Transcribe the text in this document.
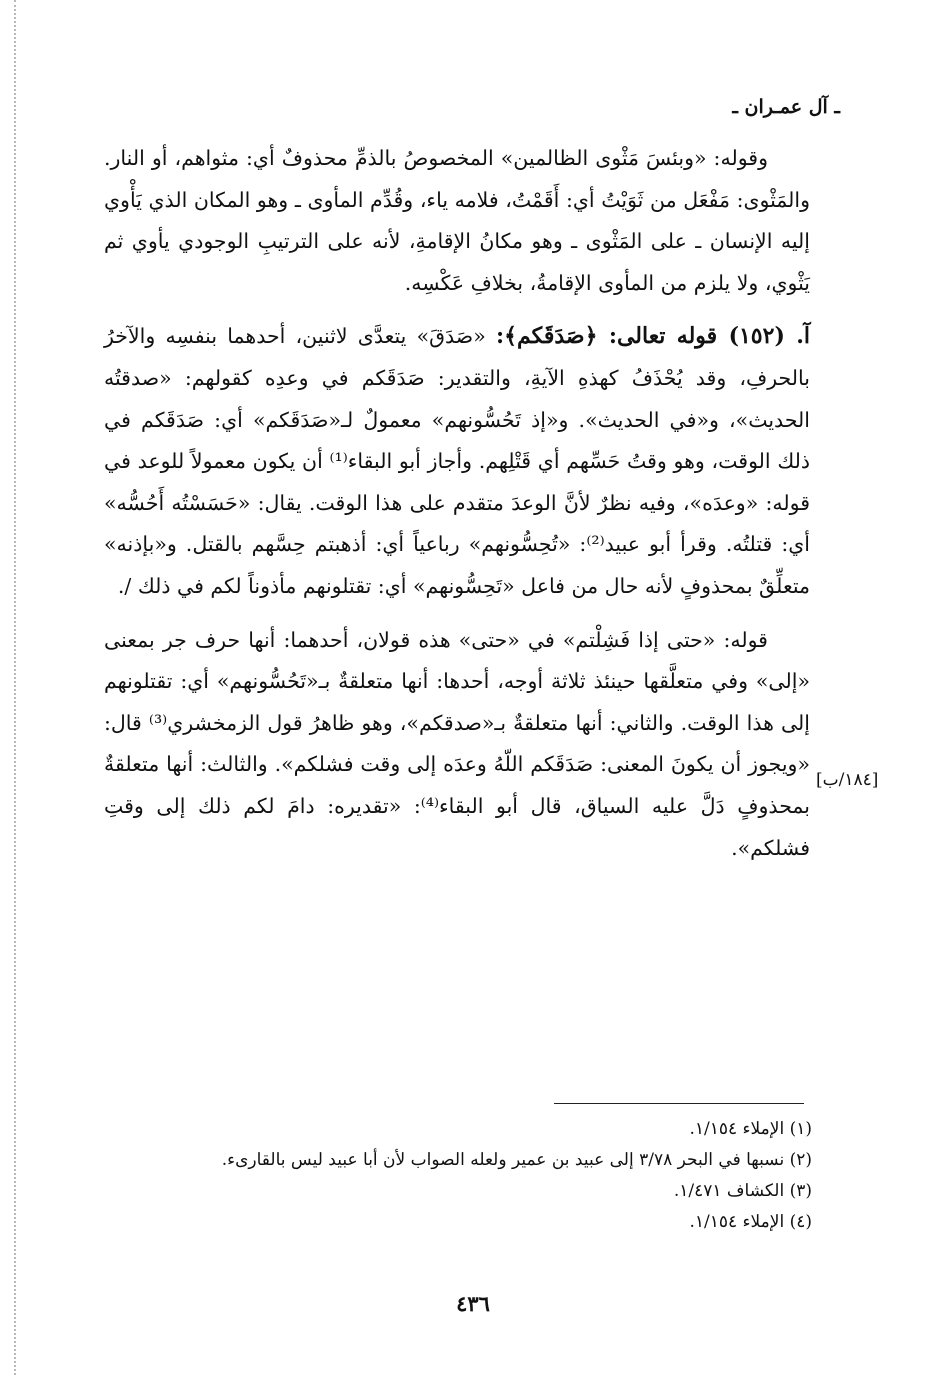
ـ آل عمـران ـ

وقوله: «وبئسَ مَثْوى الظالمين» المخصوصُ بالذمِّ محذوفٌ أي: مثواهم، أو النار. والمَثْوى: مَفْعَل من ثَوَيْتُ أي: أَقَمْتُ، فلامه ياء، وقُدِّم المأوى ـ وهو المكان الذي يَأْوي إليه الإنسان ـ على المَثْوى ـ وهو مكانُ الإقامةِ، لأنه على الترتيبِ الوجودي يأوي ثم يَثْوي، ولا يلزم من المأوى الإقامةُ، بخلافِ عَكْسِه.

آ. (١٥٢) قوله تعالى: ﴿صَدَقَكم﴾: «صَدَقَ» يتعدَّى لاثنين، أحدهما بنفسِه والآخرُ بالحرفِ، وقد يُحْذَفُ كهذهِ الآيةِ، والتقدير: صَدَقَكم في وعدِه كقولهم: «صدقتُه الحديث»، و«في الحديث». و«إذ تَحُسُّونهم» معمولٌ لـ«صَدَقَكم» أي: صَدَقَكم في ذلك الوقت، وهو وقتُ حَسِّهم أي قَتْلِهم. وأجاز أبو البقاء⁽¹⁾ أن يكون معمولاً للوعد في قوله: «وعدَه»، وفيه نظرٌ لأنَّ الوعدَ متقدم على هذا الوقت. يقال: «حَسَسْتُه أَحُسُّه» أي: قتلتُه. وقرأ أبو عبيد⁽²⁾: «تُحِسُّونهم» رباعياً أي: أذهبتم حِسَّهم بالقتل. و«بإذنه» متعلِّقٌ بمحذوفٍ لأنه حال من فاعل «تَحِسُّونهم» أي: تقتلونهم مأذوناً لكم في ذلك /.

قوله: «حتى إذا فَشِلْتم» في «حتى» هذه قولان، أحدهما: أنها حرف جر بمعنى «إلى» وفي متعلَّقها حينئذ ثلاثة أوجه، أحدها: أنها متعلقةٌ بـ«تَحُسُّونهم» أي: تقتلونهم إلى هذا الوقت. والثاني: أنها متعلقةٌ بـ«صدقكم»، وهو ظاهرُ قول الزمخشري⁽³⁾ قال: «ويجوز أن يكونَ المعنى: صَدَقَكم اللّهُ وعدَه إلى وقت فشلكم». والثالث: أنها متعلقةٌ بمحذوفٍ دَلَّ عليه السياق، قال أبو البقاء⁽⁴⁾: «تقديره: دامَ لكم ذلك إلى وقتِ فشلكم».

[١٨٤/ب]
(١) الإملاء ١/١٥٤.
(٢) نسبها في البحر ٣/٧٨ إلى عبيد بن عمير ولعله الصواب لأن أبا عبيد ليس بالقارىء.
(٣) الكشاف ١/٤٧١.
(٤) الإملاء ١/١٥٤.
٤٣٦
